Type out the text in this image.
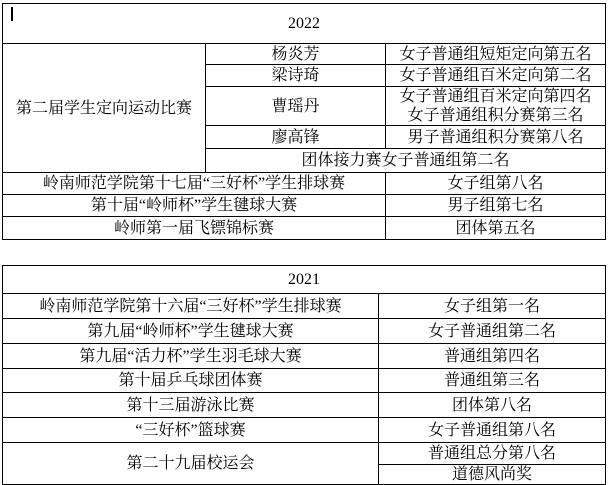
2022		
第二届学生定向运动比赛	杨炎芳	女子普通组短矩定向第五名
	梁诗琦	女子普通组百米定向第二名
	曹瑶丹	女子普通组百米定向第四名
女子普通组积分赛第三名

	廖高锋	男子普通组积分赛第八名
	团体接力赛女子普通组第二名	
岭南师范学院第十七届“三好杯”学生排球赛		女子组第八名
第十届“岭师杯”学生毽球大赛		男子组第七名
岭师第一届飞镖锦标赛		团体第五名
2021	
岭南师范学院第十六届“三好杯”学生排球赛	女子组第一名
第九届“岭师杯”学生毽球大赛	女子普通组第二名
第九届“活力杯”学生羽毛球大赛	普通组第四名
第十届乒乓球团体赛	普通组第三名
第十三届游泳比赛	团体第八名
“三好杯”篮球赛	女子普通组第八名
第二十九届校运会	普通组总分第八名
	道德风尚奖
